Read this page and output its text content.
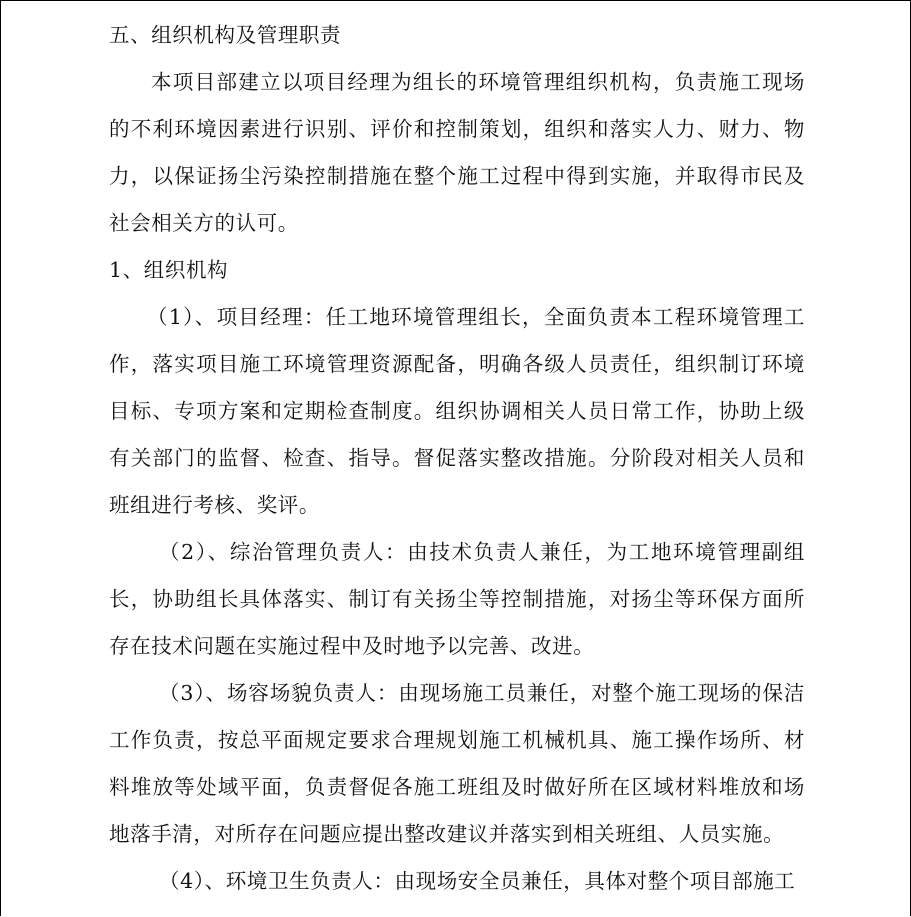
五、组织机构及管理职责

本项目部建立以项目经理为组长的环境管理组织机构，负责施工现场的不利环境因素进行识别、评价和控制策划，组织和落实人力、财力、物力，以保证扬尘污染控制措施在整个施工过程中得到实施，并取得市民及社会相关方的认可。

1、组织机构

（1）、项目经理：任工地环境管理组长，全面负责本工程环境管理工作，落实项目施工环境管理资源配备，明确各级人员责任，组织制订环境目标、专项方案和定期检查制度。组织协调相关人员日常工作，协助上级有关部门的监督、检查、指导。督促落实整改措施。分阶段对相关人员和班组进行考核、奖评。

（2）、综治管理负责人：由技术负责人兼任，为工地环境管理副组长，协助组长具体落实、制订有关扬尘等控制措施，对扬尘等环保方面所存在技术问题在实施过程中及时地予以完善、改进。

（3）、场容场貌负责人：由现场施工员兼任，对整个施工现场的保洁工作负责，按总平面规定要求合理规划施工机械机具、施工操作场所、材料堆放等处域平面，负责督促各施工班组及时做好所在区域材料堆放和场地落手清，对所存在问题应提出整改建议并落实到相关班组、人员实施。

（4）、环境卫生负责人：由现场安全员兼任，具体对整个项目部施工
